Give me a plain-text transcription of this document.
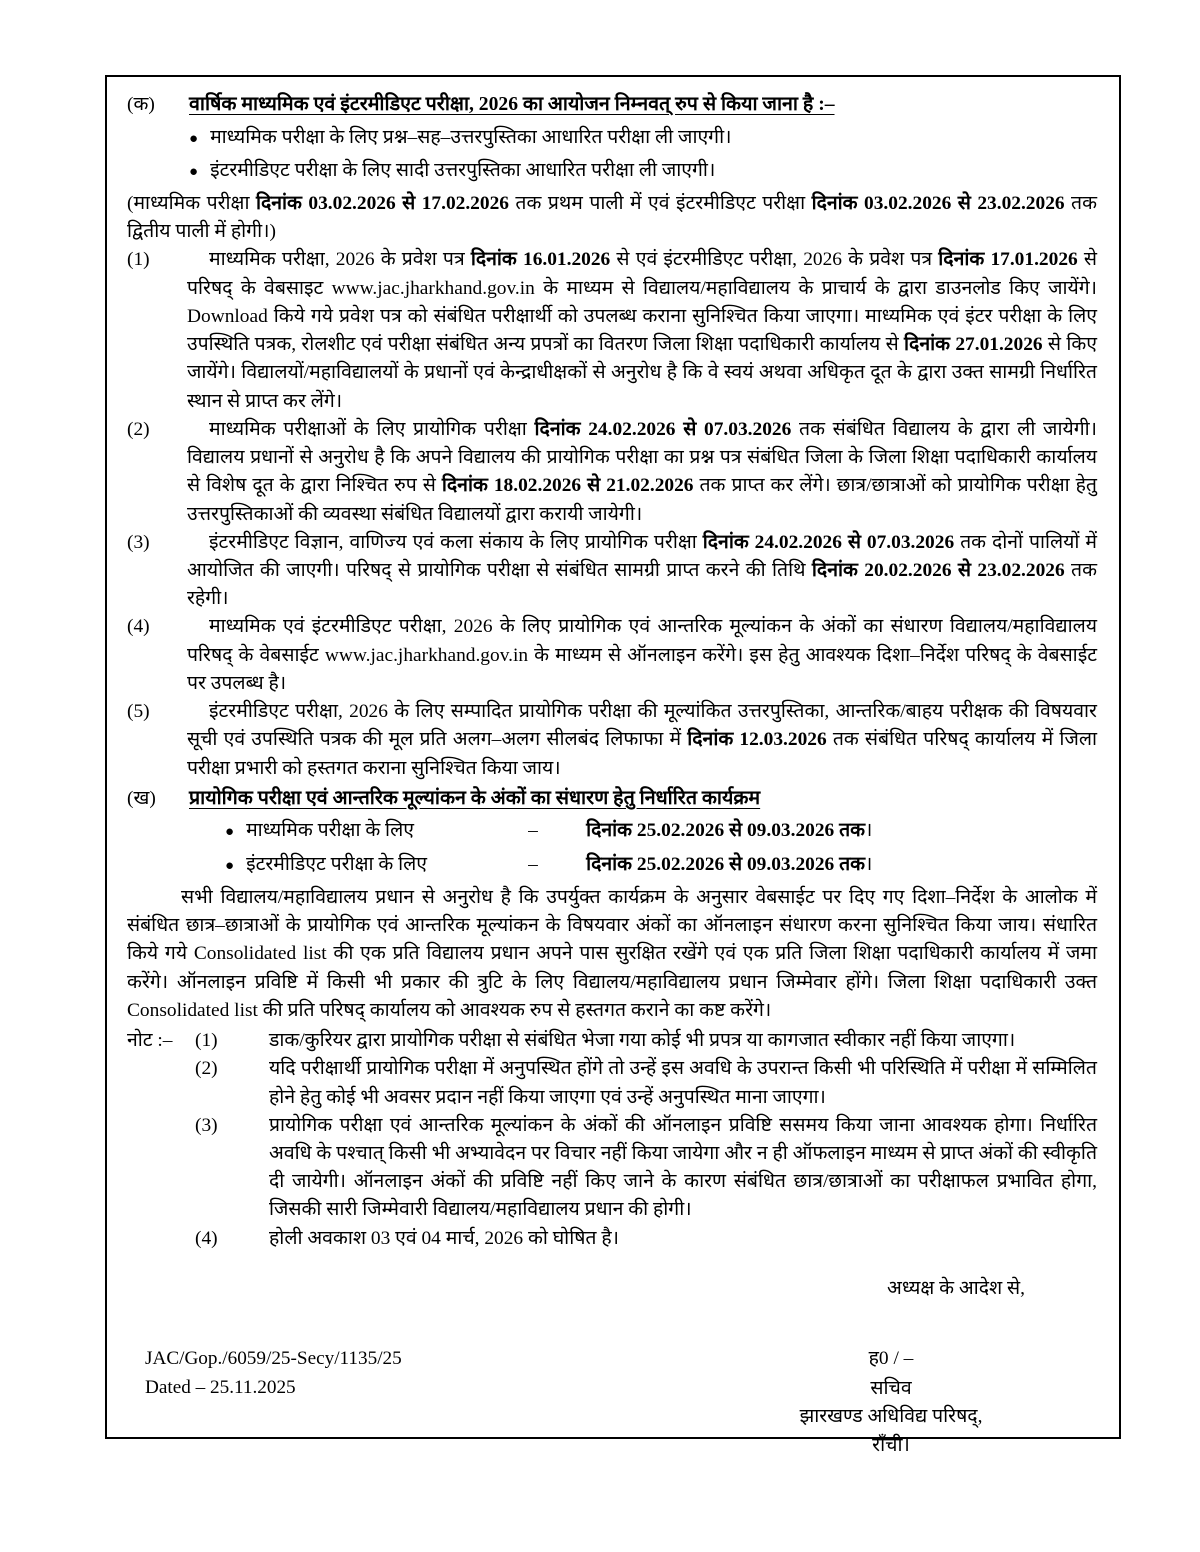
(क)	वार्षिक माध्यमिक एवं इंटरमीडिएट परीक्षा, 2026 का आयोजन निम्नवत् रुप से किया जाना है :–
● माध्यमिक परीक्षा के लिए प्रश्न–सह–उत्तरपुस्तिका आधारित परीक्षा ली जाएगी।
● इंटरमीडिएट परीक्षा के लिए सादी उत्तरपुस्तिका आधारित परीक्षा ली जाएगी।

(माध्यमिक परीक्षा दिनांक 03.02.2026 से 17.02.2026 तक प्रथम पाली में एवं इंटरमीडिएट परीक्षा दिनांक 03.02.2026 से 23.02.2026 तक द्वितीय पाली में होगी।)

(1)	माध्यमिक परीक्षा, 2026 के प्रवेश पत्र दिनांक 16.01.2026 से एवं इंटरमीडिएट परीक्षा, 2026 के प्रवेश पत्र दिनांक 17.01.2026 से परिषद् के वेबसाइट www.jac.jharkhand.gov.in के माध्यम से विद्यालय/महाविद्यालय के प्राचार्य के द्वारा डाउनलोड किए जायेंगे। Download किये गये प्रवेश पत्र को संबंधित परीक्षार्थी को उपलब्ध कराना सुनिश्चित किया जाएगा। माध्यमिक एवं इंटर परीक्षा के लिए उपस्थिति पत्रक, रोलशीट एवं परीक्षा संबंधित अन्य प्रपत्रों का वितरण जिला शिक्षा पदाधिकारी कार्यालय से दिनांक 27.01.2026 से किए जायेंगे। विद्यालयों/महाविद्यालयों के प्रधानों एवं केन्द्राधीक्षकों से अनुरोध है कि वे स्वयं अथवा अधिकृत दूत के द्वारा उक्त सामग्री निर्धारित स्थान से प्राप्त कर लेंगे।
(2)	माध्यमिक परीक्षाओं के लिए प्रायोगिक परीक्षा दिनांक 24.02.2026 से 07.03.2026 तक संबंधित विद्यालय के द्वारा ली जायेगी। विद्यालय प्रधानों से अनुरोध है कि अपने विद्यालय की प्रायोगिक परीक्षा का प्रश्न पत्र संबंधित जिला के जिला शिक्षा पदाधिकारी कार्यालय से विशेष दूत के द्वारा निश्चित रुप से दिनांक 18.02.2026 से 21.02.2026 तक प्राप्त कर लेंगे। छात्र/छात्राओं को प्रायोगिक परीक्षा हेतु उत्तरपुस्तिकाओं की व्यवस्था संबंधित विद्यालयों द्वारा करायी जायेगी।
(3)	इंटरमीडिएट विज्ञान, वाणिज्य एवं कला संकाय के लिए प्रायोगिक परीक्षा दिनांक 24.02.2026 से 07.03.2026 तक दोनों पालियों में आयोजित की जाएगी। परिषद् से प्रायोगिक परीक्षा से संबंधित सामग्री प्राप्त करने की तिथि दिनांक 20.02.2026 से 23.02.2026 तक रहेगी।
(4)	माध्यमिक एवं इंटरमीडिएट परीक्षा, 2026 के लिए प्रायोगिक एवं आन्तरिक मूल्यांकन के अंकों का संधारण विद्यालय/महाविद्यालय परिषद् के वेबसाईट www.jac.jharkhand.gov.in के माध्यम से ऑनलाइन करेंगे। इस हेतु आवश्यक दिशा–निर्देश परिषद् के वेबसाईट पर उपलब्ध है।
(5)	इंटरमीडिएट परीक्षा, 2026 के लिए सम्पादित प्रायोगिक परीक्षा की मूल्यांकित उत्तरपुस्तिका, आन्तरिक/बाहय परीक्षक की विषयवार सूची एवं उपस्थिति पत्रक की मूल प्रति अलग–अलग सीलबंद लिफाफा में दिनांक 12.03.2026 तक संबंधित परिषद् कार्यालय में जिला परीक्षा प्रभारी को हस्तगत कराना सुनिश्चित किया जाय।
(ख)	प्रायोगिक परीक्षा एवं आन्तरिक मूल्यांकन के अंकों का संधारण हेतु निर्धारित कार्यक्रम
● माध्यमिक परीक्षा के लिए	–	दिनांक 25.02.2026 से 09.03.2026 तक।
● इंटरमीडिएट परीक्षा के लिए	–	दिनांक 25.02.2026 से 09.03.2026 तक।

सभी विद्यालय/महाविद्यालय प्रधान से अनुरोध है कि उपर्युक्त कार्यक्रम के अनुसार वेबसाईट पर दिए गए दिशा–निर्देश के आलोक में संबंधित छात्र–छात्राओं के प्रायोगिक एवं आन्तरिक मूल्यांकन के विषयवार अंकों का ऑनलाइन संधारण करना सुनिश्चित किया जाय। संधारित किये गये Consolidated list की एक प्रति विद्यालय प्रधान अपने पास सुरक्षित रखेंगे एवं एक प्रति जिला शिक्षा पदाधिकारी कार्यालय में जमा करेंगे। ऑनलाइन प्रविष्टि में किसी भी प्रकार की त्रुटि के लिए विद्यालय/महाविद्यालय प्रधान जिम्मेवार होंगे। जिला शिक्षा पदाधिकारी उक्त Consolidated list की प्रति परिषद् कार्यालय को आवश्यक रुप से हस्तगत कराने का कष्ट करेंगे।

नोट :–	(1)	डाक/कुरियर द्वारा प्रायोगिक परीक्षा से संबंधित भेजा गया कोई भी प्रपत्र या कागजात स्वीकार नहीं किया जाएगा।
(2)	यदि परीक्षार्थी प्रायोगिक परीक्षा में अनुपस्थित होंगे तो उन्हें इस अवधि के उपरान्त किसी भी परिस्थिति में परीक्षा में सम्मिलित होने हेतु कोई भी अवसर प्रदान नहीं किया जाएगा एवं उन्हें अनुपस्थित माना जाएगा।
(3)	प्रायोगिक परीक्षा एवं आन्तरिक मूल्यांकन के अंकों की ऑनलाइन प्रविष्टि ससमय किया जाना आवश्यक होगा। निर्धारित अवधि के पश्चात् किसी भी अभ्यावेदन पर विचार नहीं किया जायेगा और न ही ऑफलाइन माध्यम से प्राप्त अंकों की स्वीकृति दी जायेगी। ऑनलाइन अंकों की प्रविष्टि नहीं किए जाने के कारण संबंधित छात्र/छात्राओं का परीक्षाफल प्रभावित होगा, जिसकी सारी जिम्मेवारी विद्यालय/महाविद्यालय प्रधान की होगी।
(4)	होली अवकाश 03 एवं 04 मार्च, 2026 को घोषित है।
अध्यक्ष के आदेश से,
JAC/Gop./6059/25-Secy/1135/25
Dated – 25.11.2025
ह0 / –
सचिव
झारखण्ड अधिविद्य परिषद्,
राँची।
